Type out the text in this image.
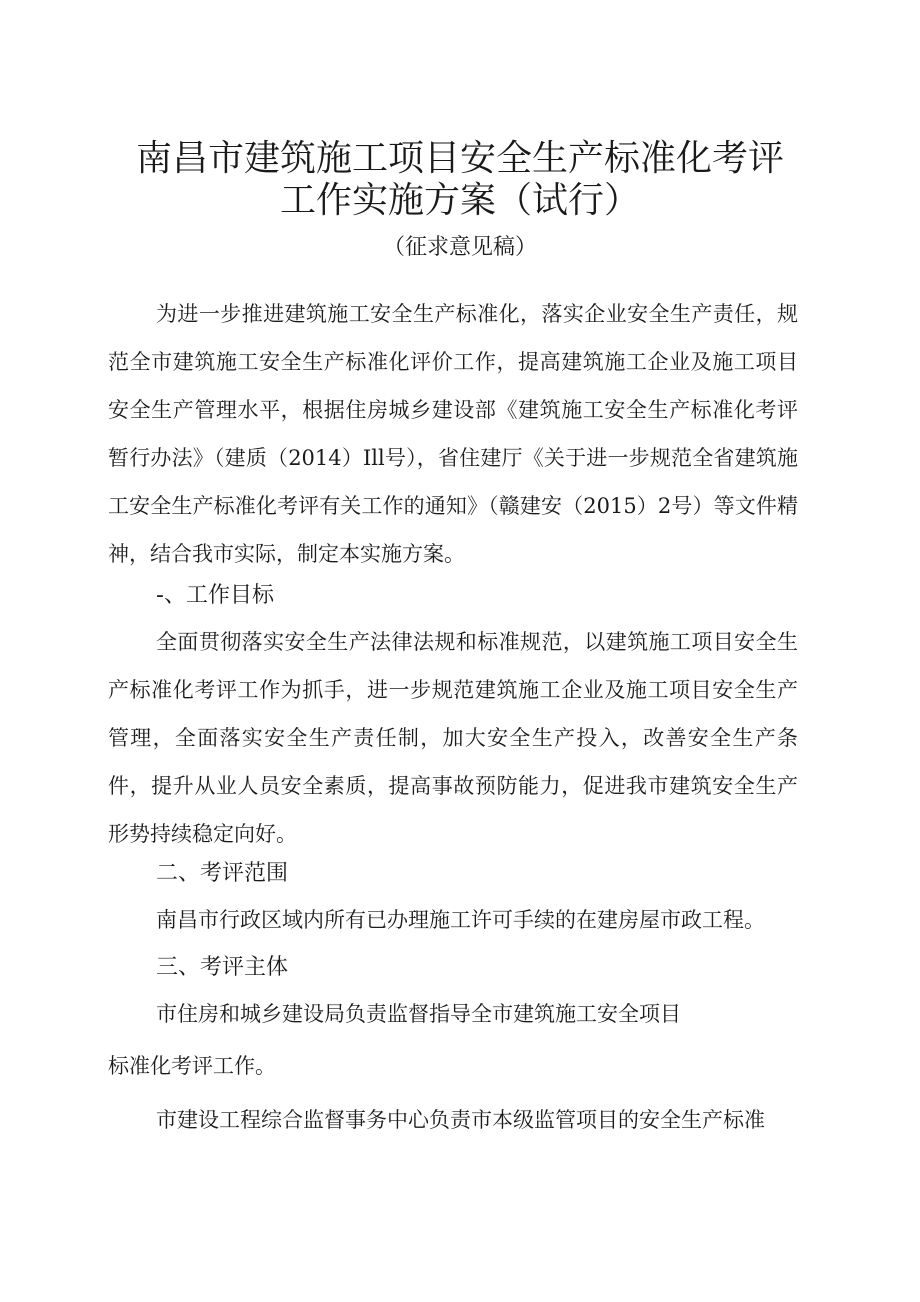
南昌市建筑施工项目安全生产标准化考评
工作实施方案（试行）
（征求意见稿）
为进一步推进建筑施工安全生产标准化，落实企业安全生产责任，规范全市建筑施工安全生产标准化评价工作，提高建筑施工企业及施工项目安全生产管理水平，根据住房城乡建设部《建筑施工安全生产标准化考评暂行办法》（建质（2014）Ill号），省住建厅《关于进一步规范全省建筑施工安全生产标准化考评有关工作的通知》（赣建安（2015）2号）等文件精神，结合我市实际，制定本实施方案。
-、工作目标
全面贯彻落实安全生产法律法规和标准规范，以建筑施工项目安全生产标准化考评工作为抓手，进一步规范建筑施工企业及施工项目安全生产管理，全面落实安全生产责任制，加大安全生产投入，改善安全生产条件，提升从业人员安全素质，提高事故预防能力，促进我市建筑安全生产形势持续稳定向好。
二、考评范围
南昌市行政区域内所有已办理施工许可手续的在建房屋市政工程。
三、考评主体
市住房和城乡建设局负责监督指导全市建筑施工安全项目
标准化考评工作。
市建设工程综合监督事务中心负责市本级监管项目的安全生产标准
